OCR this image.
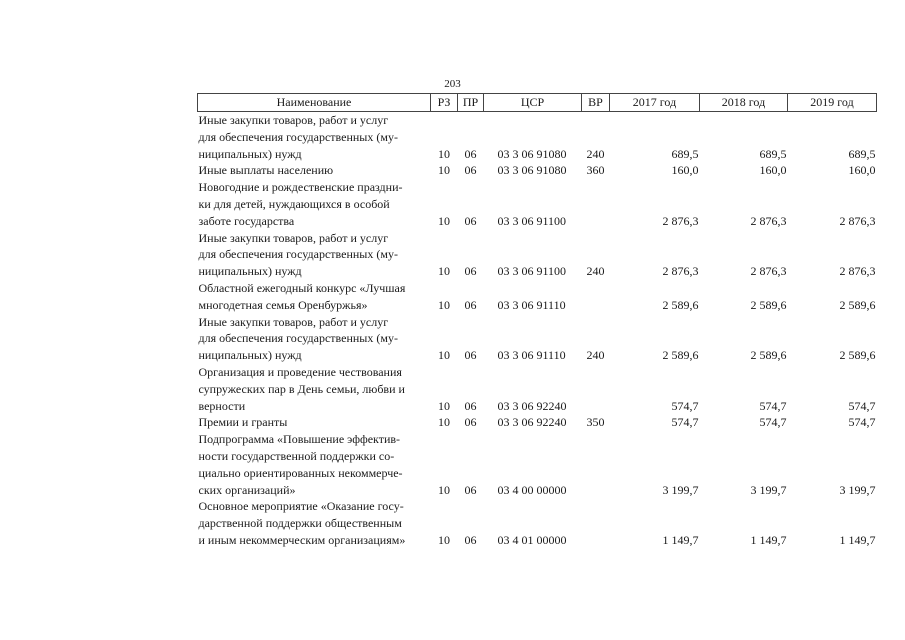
203
Наименование	РЗ	ПР	ЦСР	ВР	2017 год	2018 год	2019 год

Иные закупки товаров, работ и услуг
для обеспечения государственных (му-
ниципальных) нужд	10	06	03 3 06 91080	240	689,5	689,5	689,5

Иные выплаты населению	10	06	03 3 06 91080	360	160,0	160,0	160,0

Новогодние и рождественские праздни-
ки для детей, нуждающихся в особой
заботе государства	10	06	03 3 06 91100		2 876,3	2 876,3	2 876,3

Иные закупки товаров, работ и услуг
для обеспечения государственных (му-
ниципальных) нужд	10	06	03 3 06 91100	240	2 876,3	2 876,3	2 876,3

Областной ежегодный конкурс «Лучшая
многодетная семья Оренбуржья»	10	06	03 3 06 91110		2 589,6	2 589,6	2 589,6

Иные закупки товаров, работ и услуг
для обеспечения государственных (му-
ниципальных) нужд	10	06	03 3 06 91110	240	2 589,6	2 589,6	2 589,6

Организация и проведение чествования
супружеских пар в День семьи, любви и
верности	10	06	03 3 06 92240		574,7	574,7	574,7

Премии и гранты	10	06	03 3 06 92240	350	574,7	574,7	574,7

Подпрограмма «Повышение эффектив-
ности государственной поддержки со-
циально ориентированных некоммерче-
ских организаций»	10	06	03 4 00 00000		3 199,7	3 199,7	3 199,7

Основное мероприятие «Оказание госу-
дарственной поддержки общественным
и иным некоммерческим организациям»	10	06	03 4 01 00000		1 149,7	1 149,7	1 149,7
